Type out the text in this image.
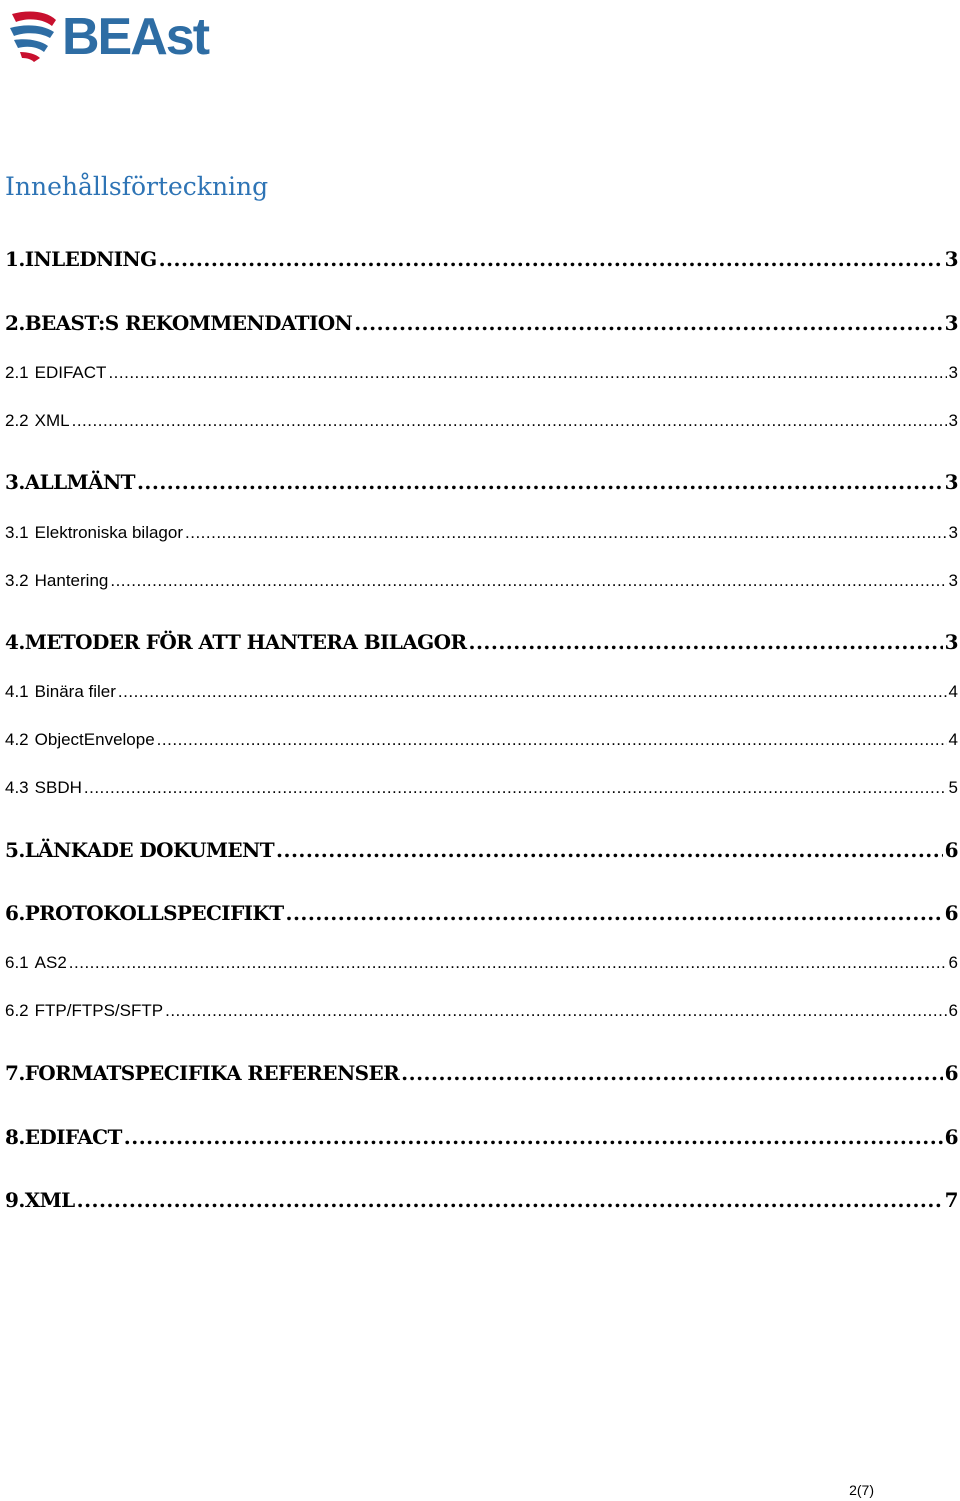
BEAst
Innehållsförteckning
1. INLEDNING .....	3
2. BEAST:S REKOMMENDATION .....	3
2.1 EDIFACT .....	3
2.2 XML .....	3
3. ALLMÄNT .....	3
3.1 Elektroniska bilagor .....	3
3.2 Hantering .....	3
4. METODER FÖR ATT HANTERA BILAGOR .....	3
4.1 Binära filer .....	4
4.2 ObjectEnvelope .....	4
4.3 SBDH .....	5
5. LÄNKADE DOKUMENT .....	6
6. PROTOKOLLSPECIFIKT .....	6
6.1 AS2 .....	6
6.2 FTP/FTPS/SFTP .....	6
7. FORMATSPECIFIKA REFERENSER .....	6
8. EDIFACT .....	6
9. XML .....	7
2(7)
